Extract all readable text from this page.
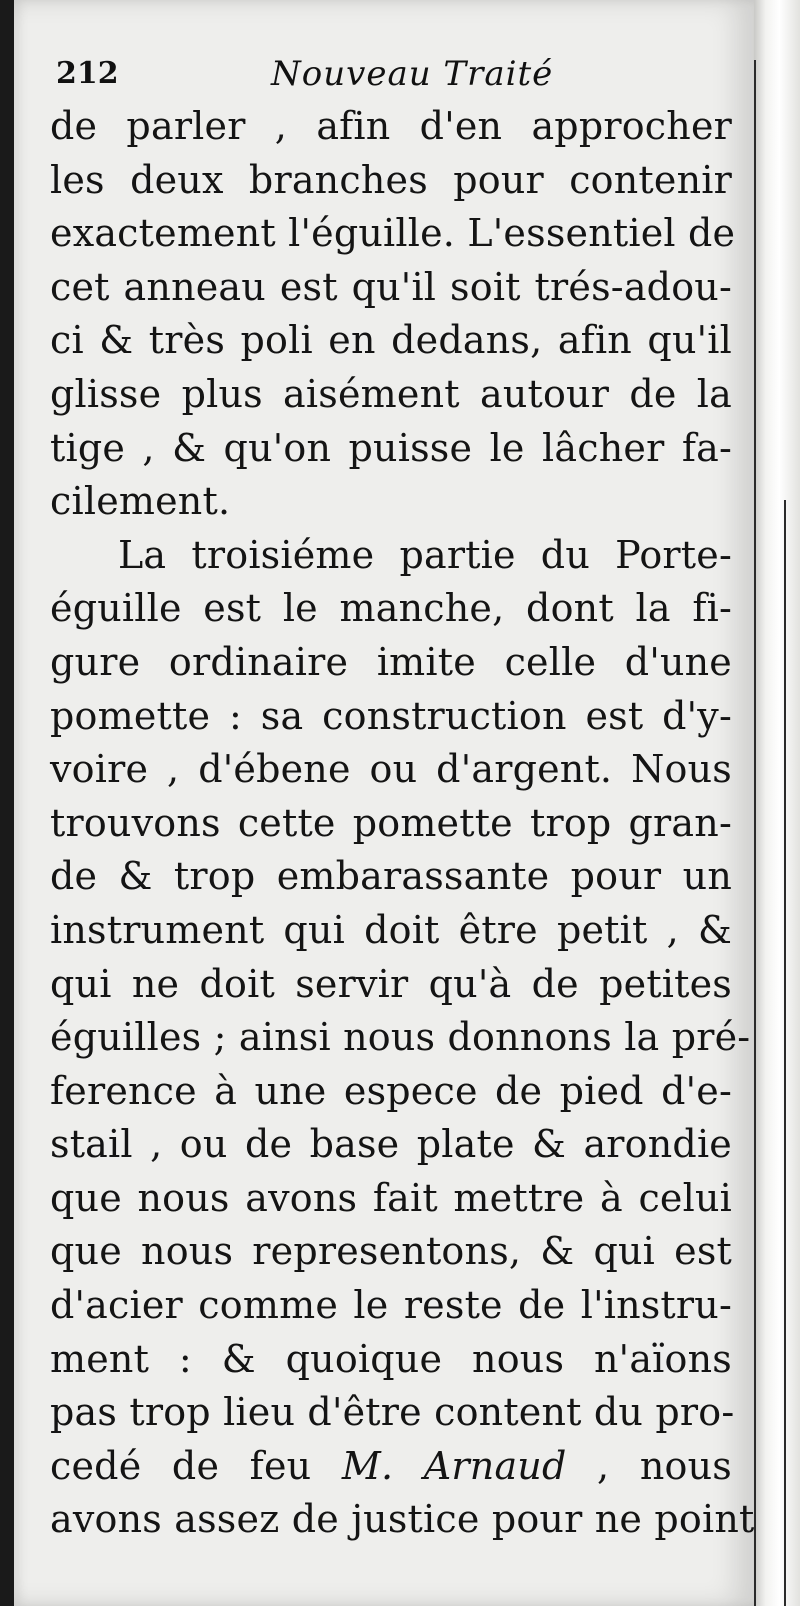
212	Nouveau Traité
de parler , afin d'en approcher
les deux branches pour contenir
exactement l'éguille. L'essentiel de
cet anneau est qu'il soit trés-adou-
ci & très poli en dedans, afin qu'il
glisse plus aisément autour de la
tige , & qu'on puisse le lâcher fa-
cilement.
La troisiéme partie du Porte-
éguille est le manche, dont la fi-
gure ordinaire imite celle d'une
pomette : sa construction est d'y-
voire , d'ébene ou d'argent. Nous
trouvons cette pomette trop gran-
de & trop embarassante pour un
instrument qui doit être petit , &
qui ne doit servir qu'à de petites
éguilles ; ainsi nous donnons la pré-
ference à une espece de pied d'e-
stail , ou de base plate & arondie
que nous avons fait mettre à celui
que nous representons, & qui est
d'acier comme le reste de l'instru-
ment : & quoique nous n'aïons
pas trop lieu d'être content du pro-
cedé de feu M. Arnaud , nous
avons assez de justice pour ne point
